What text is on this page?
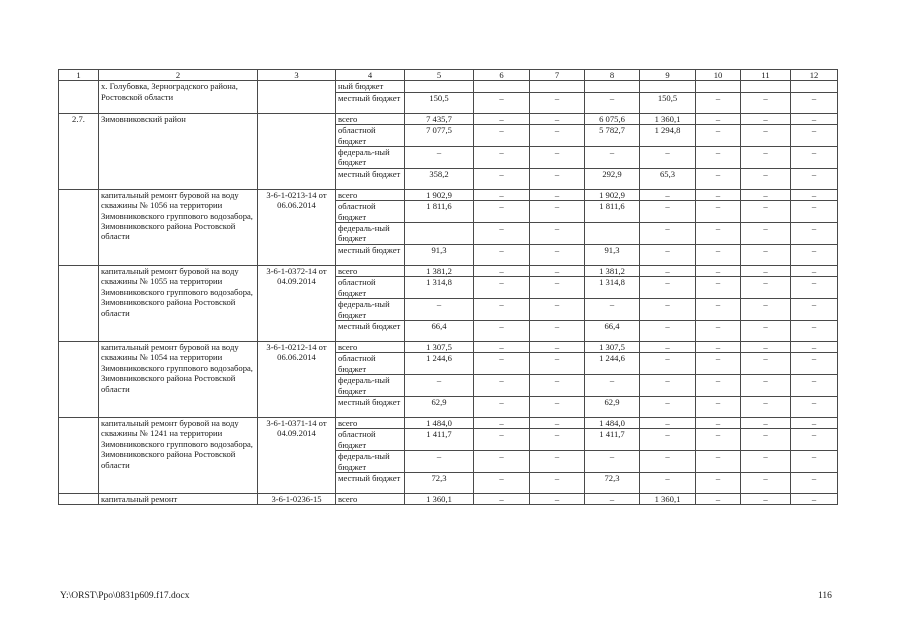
1	2	3	4	5	6	7	8	9	10	11	12
	х. Голубовка, Зерноградского района, Ростовской области		ный бюджет								
			местный бюджет	150,5	–	–	–	150,5	–	–	–
2.7.	Зимовниковский район		всего	7 435,7	–	–	6 075,6	1 360,1	–	–	–
			областной бюджет	7 077,5	–	–	5 782,7	1 294,8	–	–	–
			федераль-ный бюджет	–	–	–	–	–	–	–	–
			местный бюджет	358,2	–	–	292,9	65,3	–	–	–
	капитальный ремонт буровой на воду скважины № 1056 на территории Зимовниковского группового водозабора, Зимовниковского района Ростовской области	3-6-1-0213-14 от 06.06.2014	всего	1 902,9	–	–	1 902,9	–	–	–	–
			областной бюджет	1 811,6	–	–	1 811,6	–	–	–	–
			федераль-ный бюджет		–	–		–	–	–	–
			местный бюджет	91,3	–	–	91,3	–	–	–	–
	капитальный ремонт буровой на воду скважины № 1055 на территории Зимовниковского группового водозабора, Зимовниковского района Ростовской области	3-6-1-0372-14 от 04.09.2014	всего	1 381,2	–	–	1 381,2	–	–	–	–
			областной бюджет	1 314,8	–	–	1 314,8	–	–	–	–
			федераль-ный бюджет	–	–	–	–	–	–	–	–
			местный бюджет	66,4	–	–	66,4	–	–	–	–
	капитальный ремонт буровой на воду скважины № 1054 на территории Зимовниковского группового водозабора, Зимовниковского района Ростовской области	3-6-1-0212-14 от 06.06.2014	всего	1 307,5	–	–	1 307,5	–	–	–	–
			областной бюджет	1 244,6	–	–	1 244,6	–	–	–	–
			федераль-ный бюджет	–	–	–	–	–	–	–	–
			местный бюджет	62,9	–	–	62,9	–	–	–	–
	капитальный ремонт буровой на воду скважины № 1241 на территории Зимовниковского группового водозабора, Зимовниковского района Ростовской области	3-6-1-0371-14 от 04.09.2014	всего	1 484,0	–	–	1 484,0	–	–	–	–
			областной бюджет	1 411,7	–	–	1 411,7	–	–	–	–
			федераль-ный бюджет	–	–	–	–	–	–	–	–
			местный бюджет	72,3	–	–	72,3	–	–	–	–
	капитальный ремонт	3-6-1-0236-15	всего	1 360,1	–	–	–	1 360,1	–	–	–
Y:\ORST\Ppo\0831p609.f17.docx	116
